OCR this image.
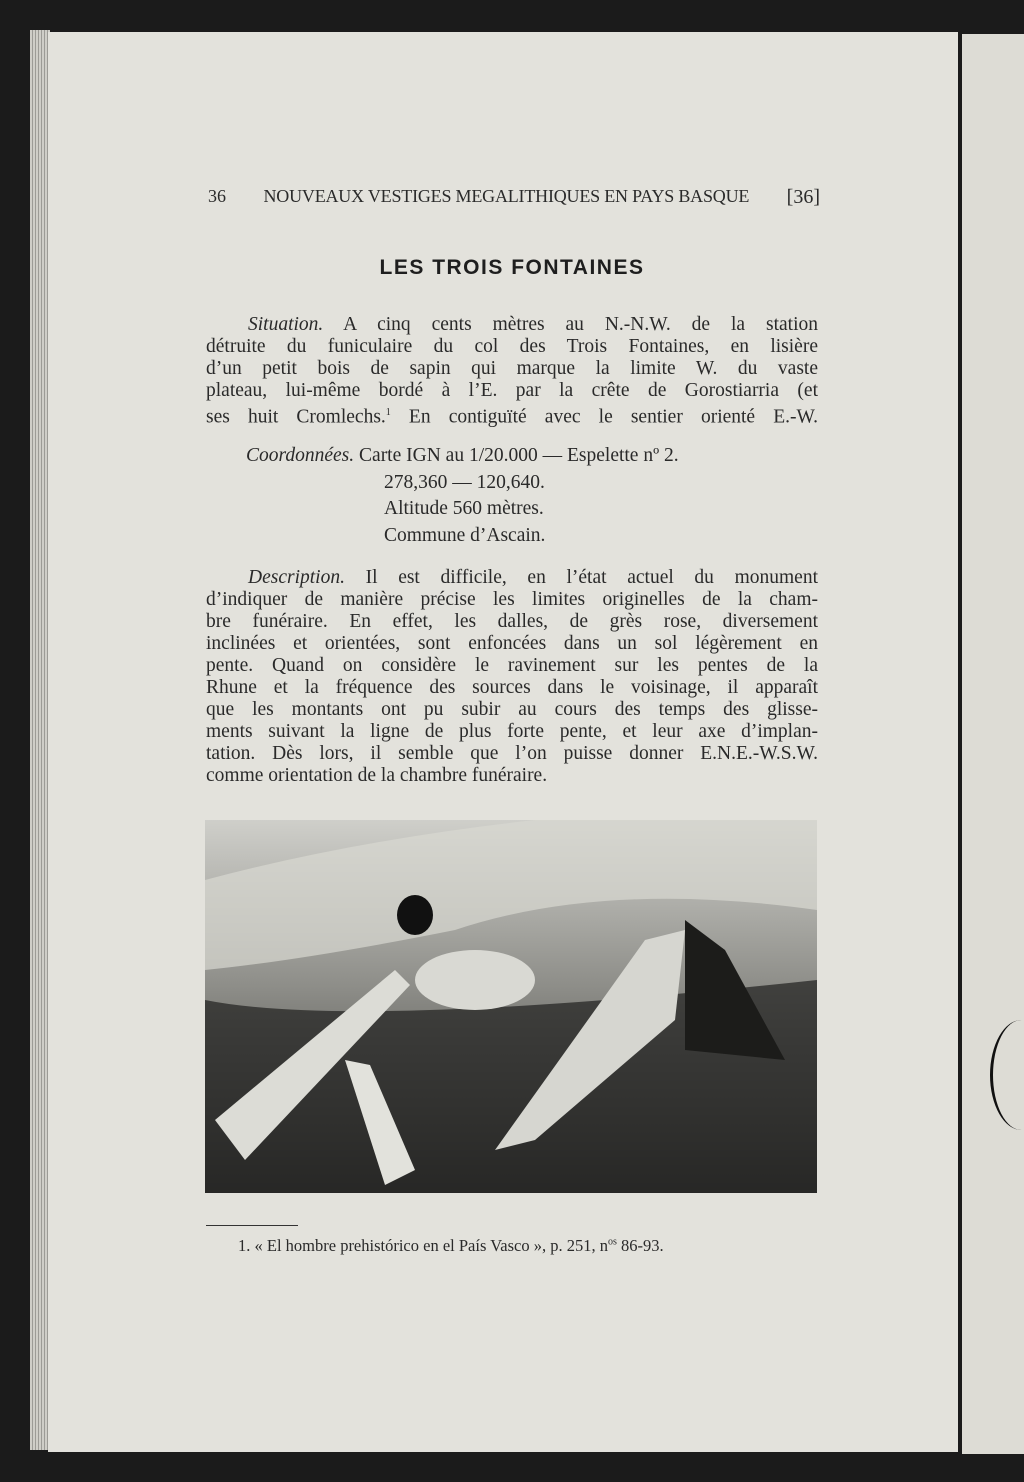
36 NOUVEAUX VESTIGES MEGALITHIQUES EN PAYS BASQUE [36]
LES TROIS FONTAINES
Situation. A cinq cents mètres au N.-N.W. de la station
détruite du funiculaire du col des Trois Fontaines, en lisière
d’un petit bois de sapin qui marque la limite W. du vaste
plateau, lui-même bordé à l’E. par la crête de Gorostiarria (et
ses huit Cromlechs.$^1$ En contiguïté avec le sentier orienté E.-W.
Coordonnées. Carte IGN au 1/20.000 — Espelette nº 2.
278,360 — 120,640.
Altitude 560 mètres.
Commune d’Ascain.
Description. Il est difficile, en l’état actuel du monument
d’indiquer de manière précise les limites originelles de la cham-
bre funéraire. En effet, les dalles, de grès rose, diversement
inclinées et orientées, sont enfoncées dans un sol légèrement en
pente. Quand on considère le ravinement sur les pentes de la
Rhune et la fréquence des sources dans le voisinage, il apparaît
que les montants ont pu subir au cours des temps des glisse-
ments suivant la ligne de plus forte pente, et leur axe d’implan-
tation. Dès lors, il semble que l’on puisse donner E.N.E.-W.S.W.
comme orientation de la chambre funéraire.
1. « El hombre prehistórico en el País Vasco », p. 251, $n^{os}$ 86-93.
